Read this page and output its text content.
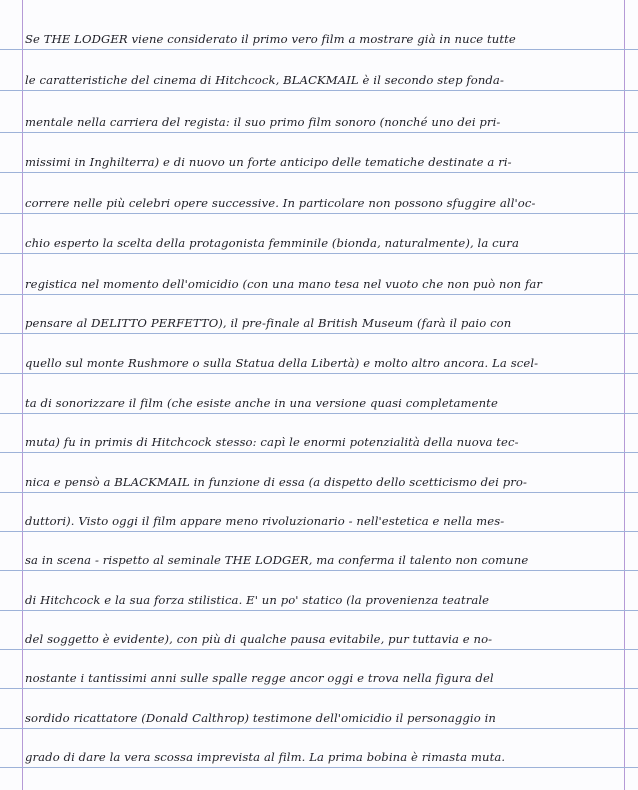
Se THE LODGER viene considerato il primo vero film a mostrare già in nuce tutte
le caratteristiche del cinema di Hitchcock, BLACKMAIL è il secondo step fonda-
mentale nella carriera del regista: il suo primo film sonoro (nonché uno dei pri-
missimi in Inghilterra) e di nuovo un forte anticipo delle tematiche destinate a ri-
correre nelle più celebri opere successive. In particolare non possono sfuggire all'oc-
chio esperto la scelta della protagonista femminile (bionda, naturalmente), la cura
registica nel momento dell'omicidio (con una mano tesa nel vuoto che non può non far
pensare al DELITTO PERFETTO), il pre-finale al British Museum (farà il paio con
quello sul monte Rushmore o sulla Statua della Libertà) e molto altro ancora. La scel-
ta di sonorizzare il film (che esiste anche in una versione quasi completamente
muta) fu in primis di Hitchcock stesso: capì le enormi potenzialità della nuova tec-
nica e pensò a BLACKMAIL in funzione di essa (a dispetto dello scetticismo dei pro-
duttori). Visto oggi il film appare meno rivoluzionario - nell'estetica e nella mes-
sa in scena - rispetto al seminale THE LODGER, ma conferma il talento non comune
di Hitchcock e la sua forza stilistica. E' un po' statico (la provenienza teatrale
del soggetto è evidente), con più di qualche pausa evitabile, pur tuttavia e no-
nostante i tantissimi anni sulle spalle regge ancor oggi e trova nella figura del
sordido ricattatore (Donald Calthrop) testimone dell'omicidio il personaggio in
grado di dare la vera scossa imprevista al film. La prima bobina è rimasta muta.
